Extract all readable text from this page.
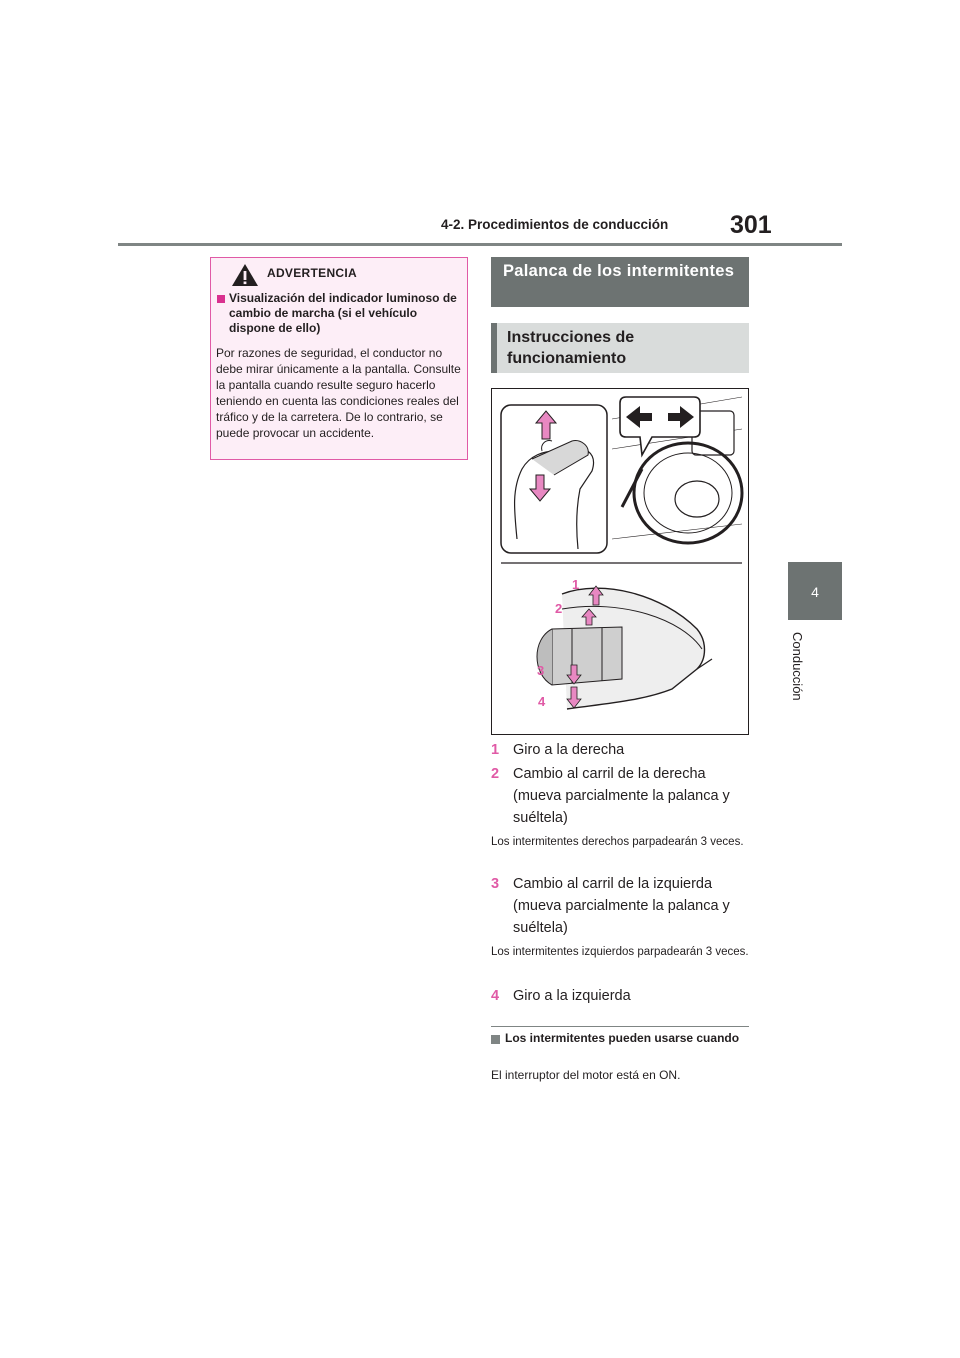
4-2. Procedimientos de conducción 301
4
Conducción
ADVERTENCIA
Visualización del indicador luminoso de cambio de marcha (si el vehículo dispone de ello)
Por razones de seguridad, el conductor no debe mirar únicamente a la pantalla. Consulte la pantalla cuando resulte seguro hacerlo teniendo en cuenta las condiciones reales del tráfico y de la carretera. De lo contrario, se puede provocar un accidente.
Palanca de los intermitentes
Instrucciones de funcionamiento
1
2
3
4
1 Giro a la derecha
2 Cambio al carril de la derecha (mueva parcialmente la palanca y suéltela)
Los intermitentes derechos parpadearán 3 veces.
3 Cambio al carril de la izquierda (mueva parcialmente la palanca y suéltela)
Los intermitentes izquierdos parpadearán 3 veces.
4 Giro a la izquierda
Los intermitentes pueden usarse cuando
El interruptor del motor está en ON.
